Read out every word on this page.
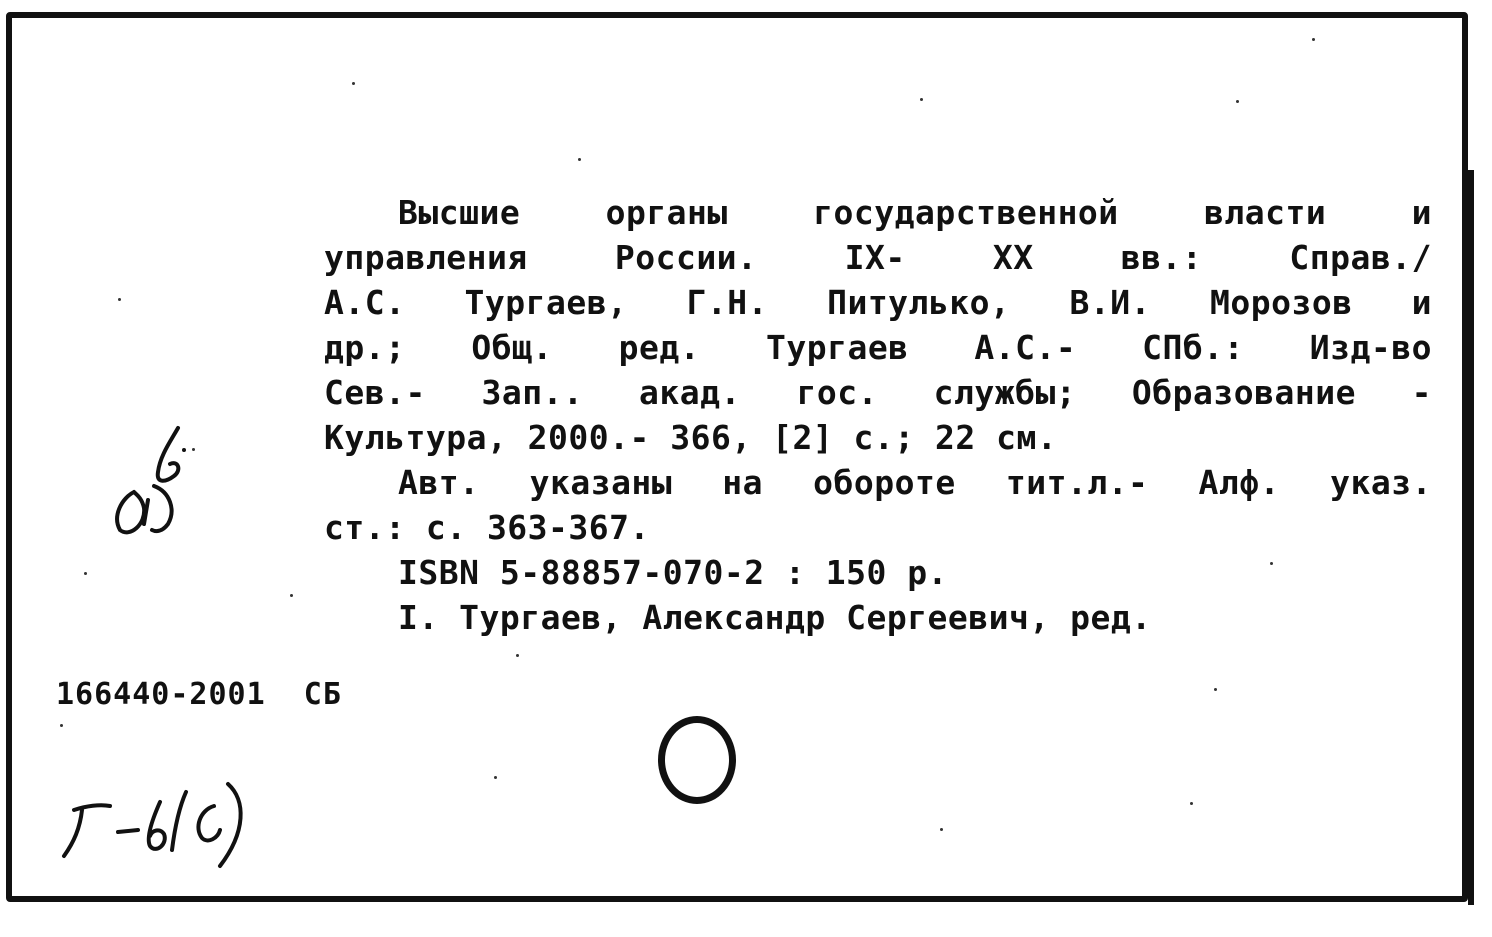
Высшие органы государственной власти и
управления России. IX- XX вв.: Справ./
А.С. Тургаев, Г.Н. Питулько, В.И. Морозов и
др.; Общ. ред. Тургаев А.С.- СПб.: Изд-во
Сев.- Зап.. акад. гос. службы; Образование -
Культура, 2000.- 366, [2] с.; 22 см.
Авт. указаны на обороте тит.л.- Алф. указ.
ст.: с. 363-367.
ISBN 5-88857-070-2 : 150 р.
I. Тургаев, Александр Сергеевич, ред.
166440-2001  СБ
